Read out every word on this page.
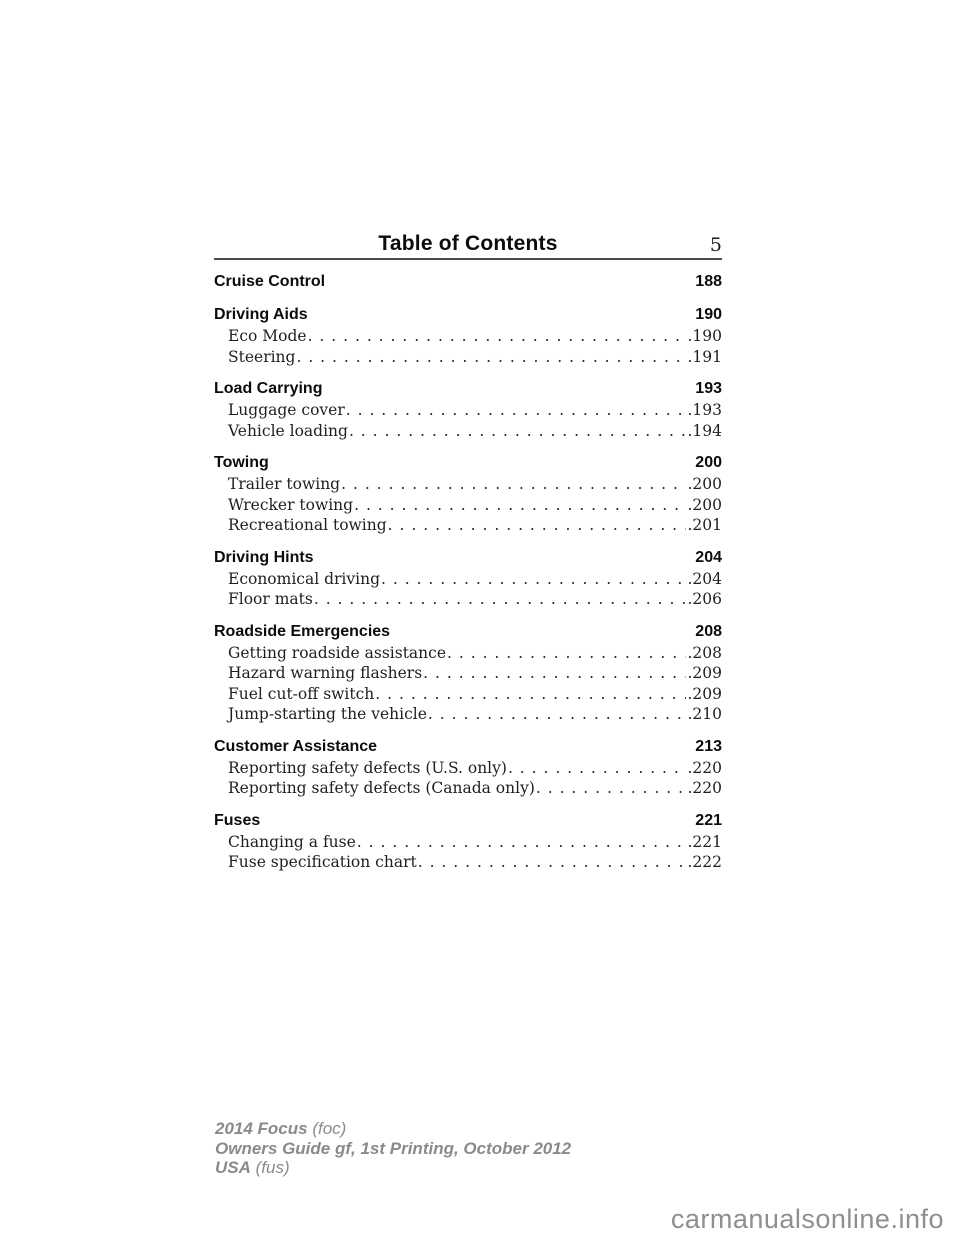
Table of Contents	5
Cruise Control	188
Driving Aids	190
Eco Mode . . .	. 190
Steering . . .	. 191
Load Carrying	193
Luggage cover . . .	. 193
Vehicle loading . . .	. 194
Towing	200
Trailer towing . . .	. 200
Wrecker towing . . .	. 200
Recreational towing . . .	. 201
Driving Hints	204
Economical driving . . .	. 204
Floor mats . . .	. 206
Roadside Emergencies	208
Getting roadside assistance . . .	. 208
Hazard warning flashers . . .	. 209
Fuel cut-off switch . . .	. 209
Jump-starting the vehicle . . .	. 210
Customer Assistance	213
Reporting safety defects (U.S. only) . . .	. 220
Reporting safety defects (Canada only) . . .	. 220
Fuses	221
Changing a fuse . . .	. 221
Fuse specification chart . . .	. 222
2014 Focus (foc)
Owners Guide gf, 1st Printing, October 2012
USA (fus)
carmanualsonline.info
